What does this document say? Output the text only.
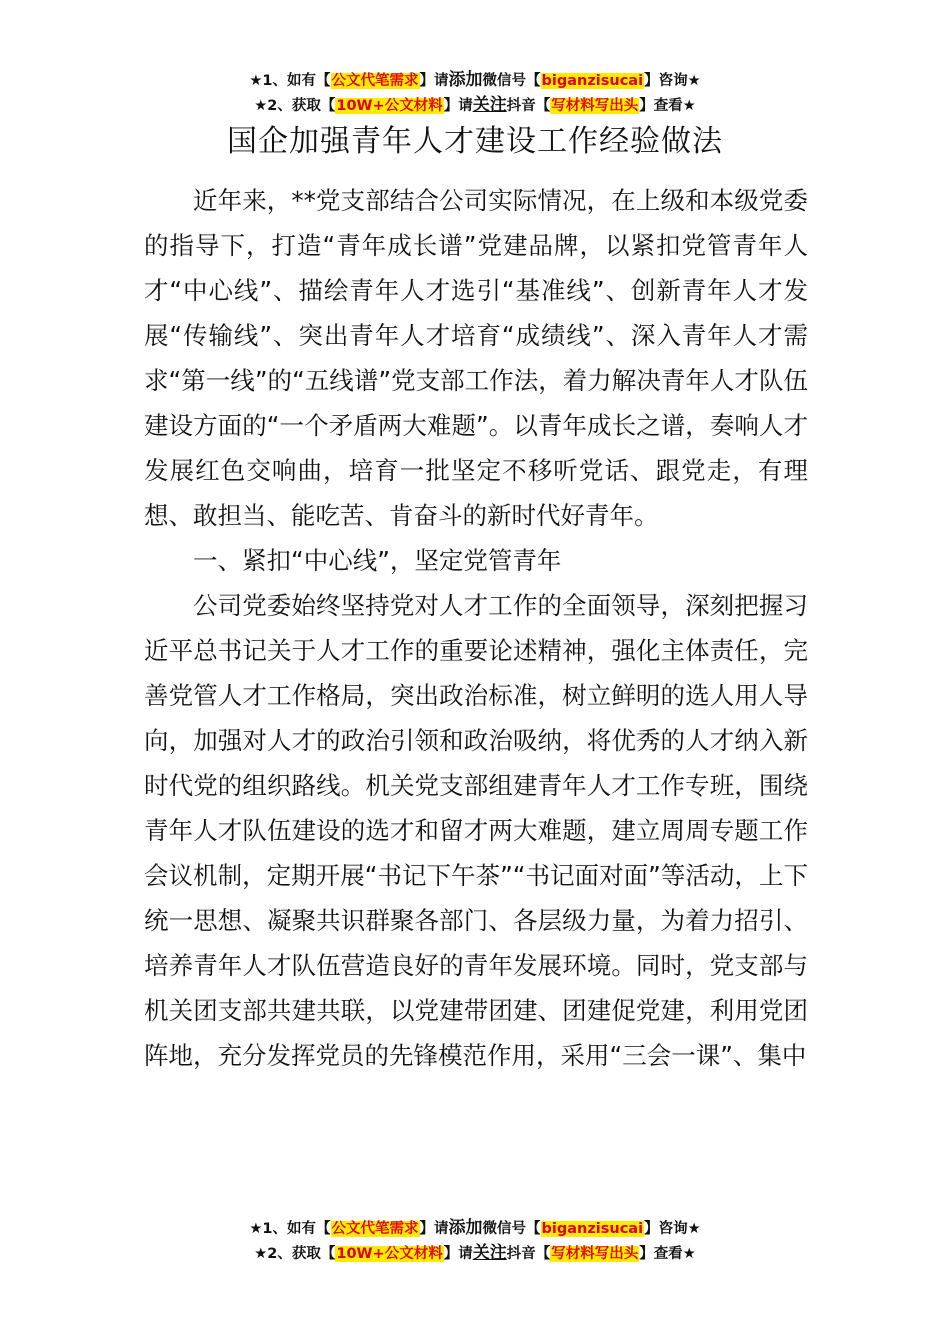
★1、如有【公文代笔需求】请添加微信号【biganzisucai】咨询★
★2、获取【10W+公文材料】请关注抖音【写材料写出头】查看★
国企加强青年人才建设工作经验做法

近年来，**党支部结合公司实际情况，在上级和本级党委的指导下，打造“青年成长谱”党建品牌，以紧扣党管青年人才“中心线”、描绘青年人才选引“基准线”、创新青年人才发展“传输线”、突出青年人才培育“成绩线”、深入青年人才需求“第一线”的“五线谱”党支部工作法，着力解决青年人才队伍建设方面的“一个矛盾两大难题”。以青年成长之谱，奏响人才发展红色交响曲，培育一批坚定不移听党话、跟党走，有理想、敢担当、能吃苦、肯奋斗的新时代好青年。

一、紧扣“中心线”，坚定党管青年

公司党委始终坚持党对人才工作的全面领导，深刻把握习近平总书记关于人才工作的重要论述精神，强化主体责任，完善党管人才工作格局，突出政治标准，树立鲜明的选人用人导向，加强对人才的政治引领和政治吸纳，将优秀的人才纳入新时代党的组织路线。机关党支部组建青年人才工作专班，围绕青年人才队伍建设的选才和留才两大难题，建立周周专题工作会议机制，定期开展“书记下午茶”“书记面对面”等活动，上下统一思想、凝聚共识群聚各部门、各层级力量，为着力招引、培养青年人才队伍营造良好的青年发展环境。同时，党支部与机关团支部共建共联，以党建带团建、团建促党建，利用党团阵地，充分发挥党员的先锋模范作用，采用“三会一课”、集中

★1、如有【公文代笔需求】请添加微信号【biganzisucai】咨询★
★2、获取【10W+公文材料】请关注抖音【写材料写出头】查看★
